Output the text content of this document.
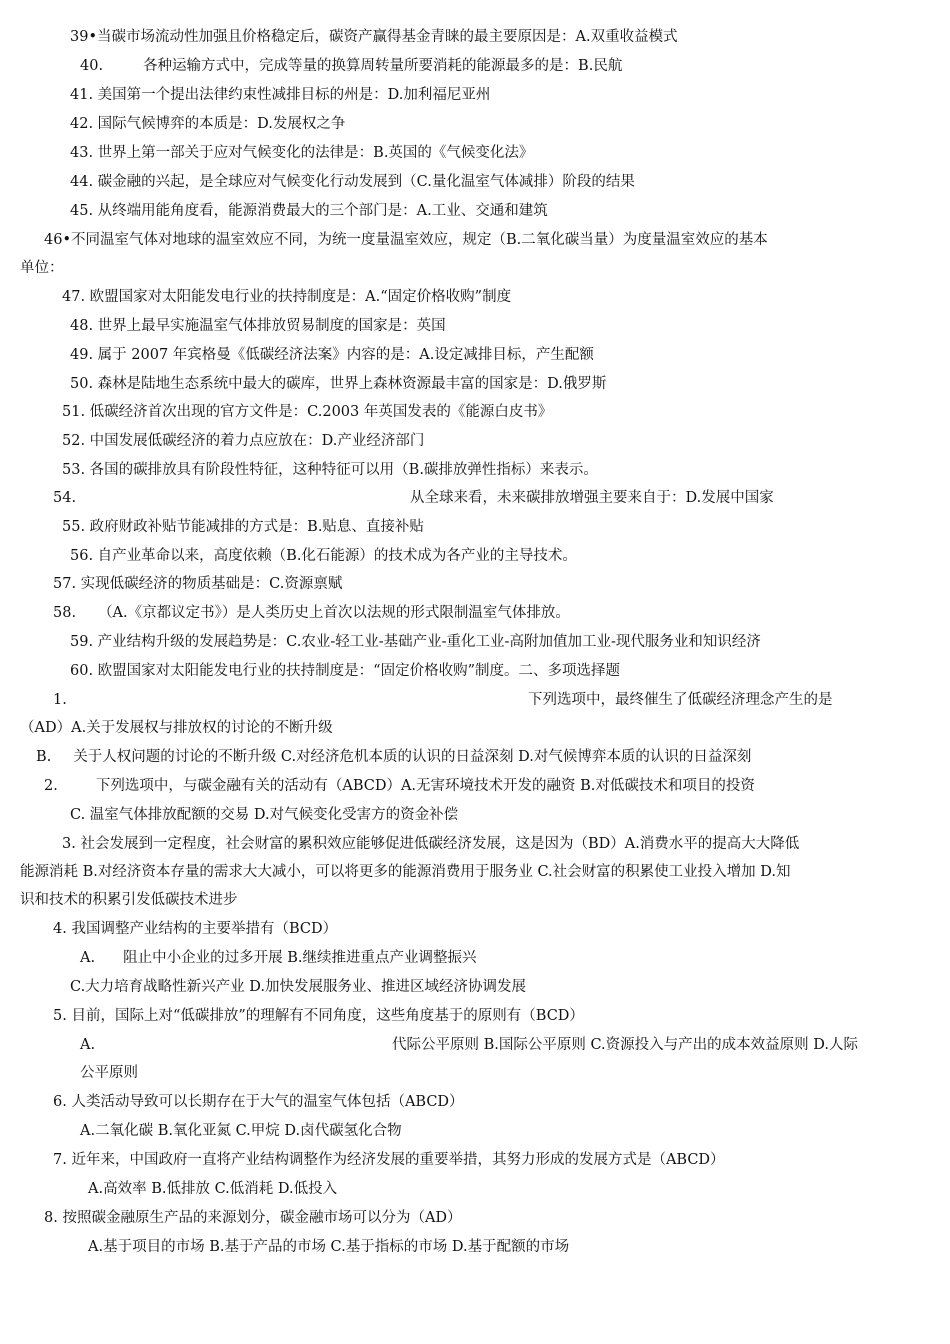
39•当碳市场流动性加强且价格稳定后，碳资产赢得基金青睐的最主要原因是：A.双重收益模式
40.	各种运输方式中，完成等量的换算周转量所要消耗的能源最多的是：B.民航
41. 美国第一个提出法律约束性减排目标的州是：D.加利福尼亚州
42. 国际气候博弈的本质是：D.发展权之争
43. 世界上第一部关于应对气候变化的法律是：B.英国的《气候变化法》
44. 碳金融的兴起，是全球应对气候变化行动发展到（C.量化温室气体减排）阶段的结果
45. 从终端用能角度看，能源消费最大的三个部门是：A.工业、交通和建筑
46•不同温室气体对地球的温室效应不同，为统一度量温室效应，规定（B.二氧化碳当量）为度量温室效应的基本
单位：
47. 欧盟国家对太阳能发电行业的扶持制度是：A.“固定价格收购”制度
48. 世界上最早实施温室气体排放贸易制度的国家是：英国
49. 属于 2007 年宾格曼《低碳经济法案》内容的是：A.设定减排目标，产生配额
50. 森林是陆地生态系统中最大的碳库，世界上森林资源最丰富的国家是：D.俄罗斯
51. 低碳经济首次出现的官方文件是：C.2003 年英国发表的《能源白皮书》
52. 中国发展低碳经济的着力点应放在：D.产业经济部门
53. 各国的碳排放具有阶段性特征，这种特征可以用（B.碳排放弹性指标）来表示。
54.	从全球来看，未来碳排放增强主要来自于：D.发展中国家
55. 政府财政补贴节能减排的方式是：B.贴息、直接补贴
56. 自产业革命以来，高度依赖（B.化石能源）的技术成为各产业的主导技术。
57. 实现低碳经济的物质基础是：C.资源禀赋
58. （A.《京都议定书》）是人类历史上首次以法规的形式限制温室气体排放。
59. 产业结构升级的发展趋势是：C.农业-轻工业-基础产业-重化工业-高附加值加工业-现代服务业和知识经济
60. 欧盟国家对太阳能发电行业的扶持制度是：“固定价格收购”制度。二、多项选择题
1.	下列选项中，最终催生了低碳经济理念产生的是
（AD）A.关于发展权与排放权的讨论的不断升级
B. 关于人权问题的讨论的不断升级 C.对经济危机本质的认识的日益深刻 D.对气候博弈本质的认识的日益深刻
2.	下列选项中，与碳金融有关的活动有（ABCD）A.无害环境技术开发的融资 B.对低碳技术和项目的投资
C. 温室气体排放配额的交易 D.对气候变化受害方的资金补偿
3. 社会发展到一定程度，社会财富的累积效应能够促进低碳经济发展，这是因为（BD）A.消费水平的提高大大降低
能源消耗 B.对经济资本存量的需求大大减小，可以将更多的能源消费用于服务业 C.社会财富的积累使工业投入增加 D.知
识和技术的积累引发低碳技术进步
4. 我国调整产业结构的主要举措有（BCD）
A. 阻止中小企业的过多开展 B.继续推进重点产业调整振兴
C.大力培育战略性新兴产业 D.加快发展服务业、推进区域经济协调发展
5. 目前，国际上对“低碳排放”的理解有不同角度，这些角度基于的原则有（BCD）
A.	代际公平原则 B.国际公平原则 C.资源投入与产出的成本效益原则 D.人际
公平原则
6. 人类活动导致可以长期存在于大气的温室气体包括（ABCD）
A.二氧化碳 B.氧化亚氮 C.甲烷 D.卤代碳氢化合物
7. 近年来，中国政府一直将产业结构调整作为经济发展的重要举措，其努力形成的发展方式是（ABCD）
A.高效率 B.低排放 C.低消耗 D.低投入
8. 按照碳金融原生产品的来源划分，碳金融市场可以分为（AD）
A.基于项目的市场 B.基于产品的市场 C.基于指标的市场 D.基于配额的市场
